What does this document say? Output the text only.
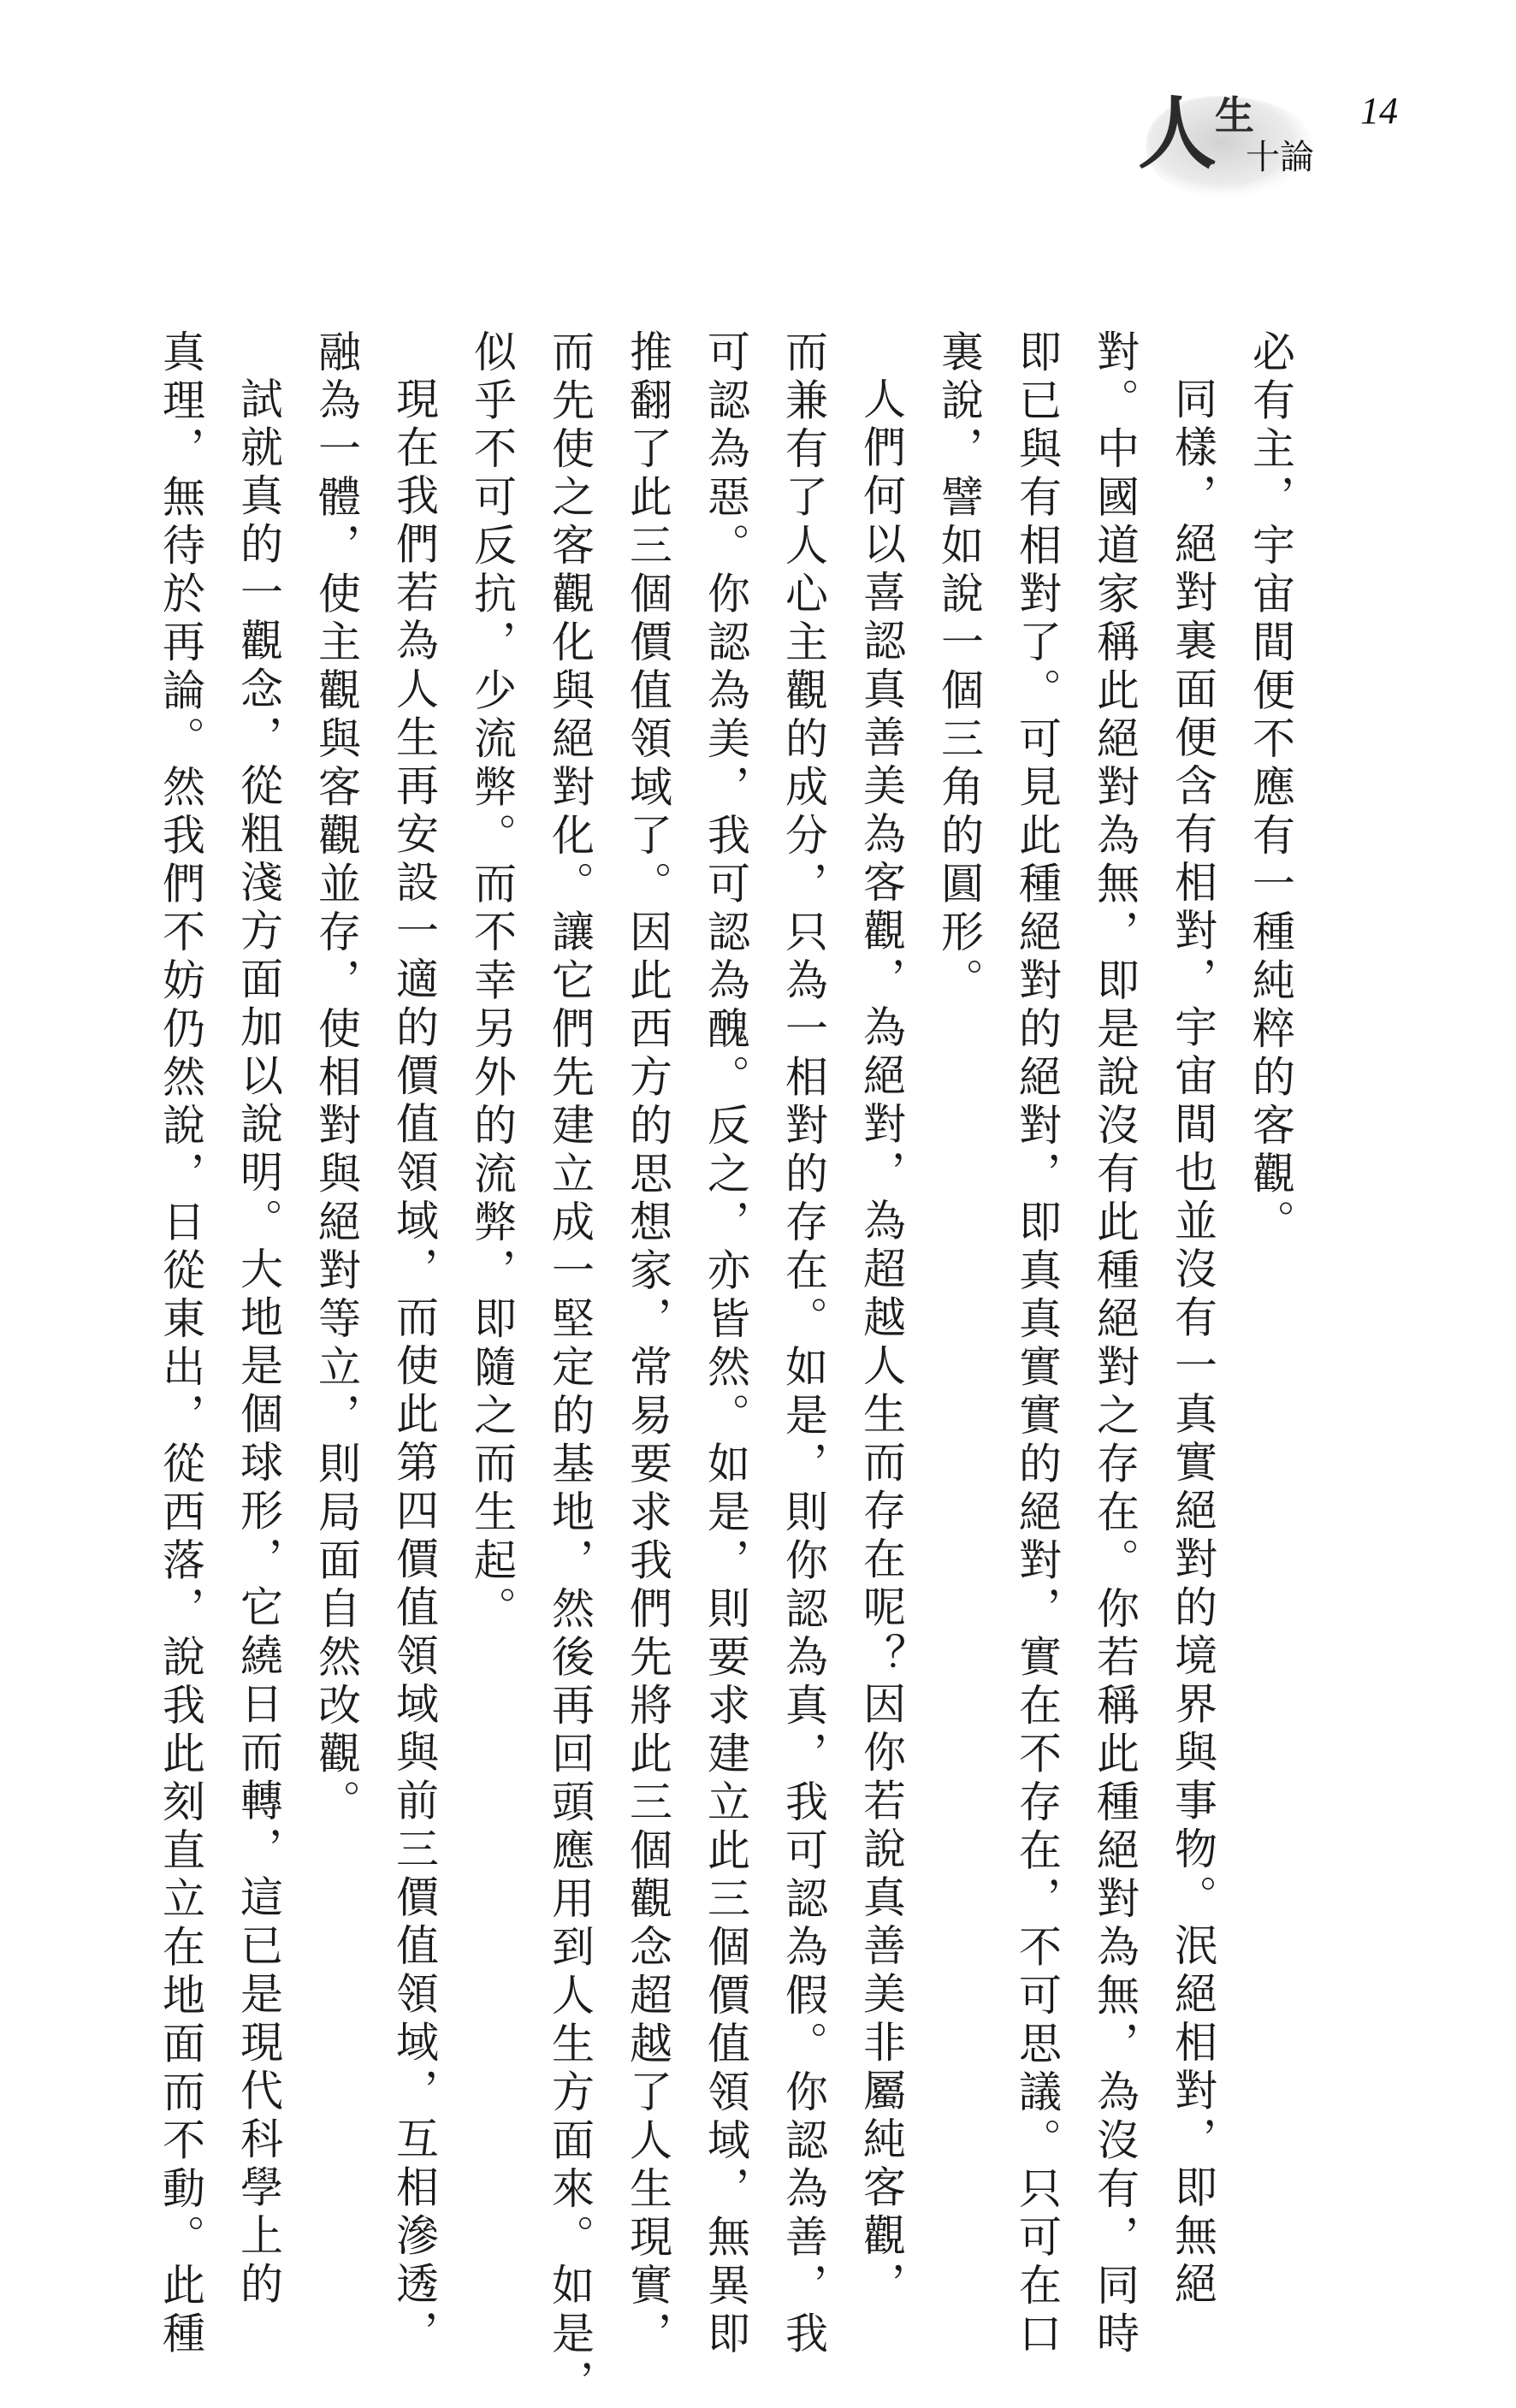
人
生
十論
14
必有主，宇宙間便不應有一種純粹的客觀。
同樣，絕對裏面便含有相對，宇宙間也並沒有一真實絕對的境界與事物。泯絕相對，即無絕
對。中國道家稱此絕對為無，即是說沒有此種絕對之存在。你若稱此種絕對為無，為沒有，同時
即已與有相對了。可見此種絕對的絕對，即真真實實的絕對，實在不存在，不可思議。只可在口
裏說，譬如說一個三角的圓形。
人們何以喜認真善美為客觀，為絕對，為超越人生而存在呢？因你若說真善美非屬純客觀，
而兼有了人心主觀的成分，只為一相對的存在。如是，則你認為真，我可認為假。你認為善，我
可認為惡。你認為美，我可認為醜。反之，亦皆然。如是，則要求建立此三個價值領域，無異即
推翻了此三個價值領域了。因此西方的思想家，常易要求我們先將此三個觀念超越了人生現實，
而先使之客觀化與絕對化。讓它們先建立成一堅定的基地，然後再回頭應用到人生方面來。如是，
似乎不可反抗，少流弊。而不幸另外的流弊，即隨之而生起。
現在我們若為人生再安設一適的價值領域，而使此第四價值領域與前三價值領域，互相滲透，
融為一體，使主觀與客觀並存，使相對與絕對等立，則局面自然改觀。
試就真的一觀念，從粗淺方面加以說明。大地是個球形，它繞日而轉，這已是現代科學上的
真理，無待於再論。然我們不妨仍然說，日從東出，從西落，說我此刻直立在地面而不動。此種
